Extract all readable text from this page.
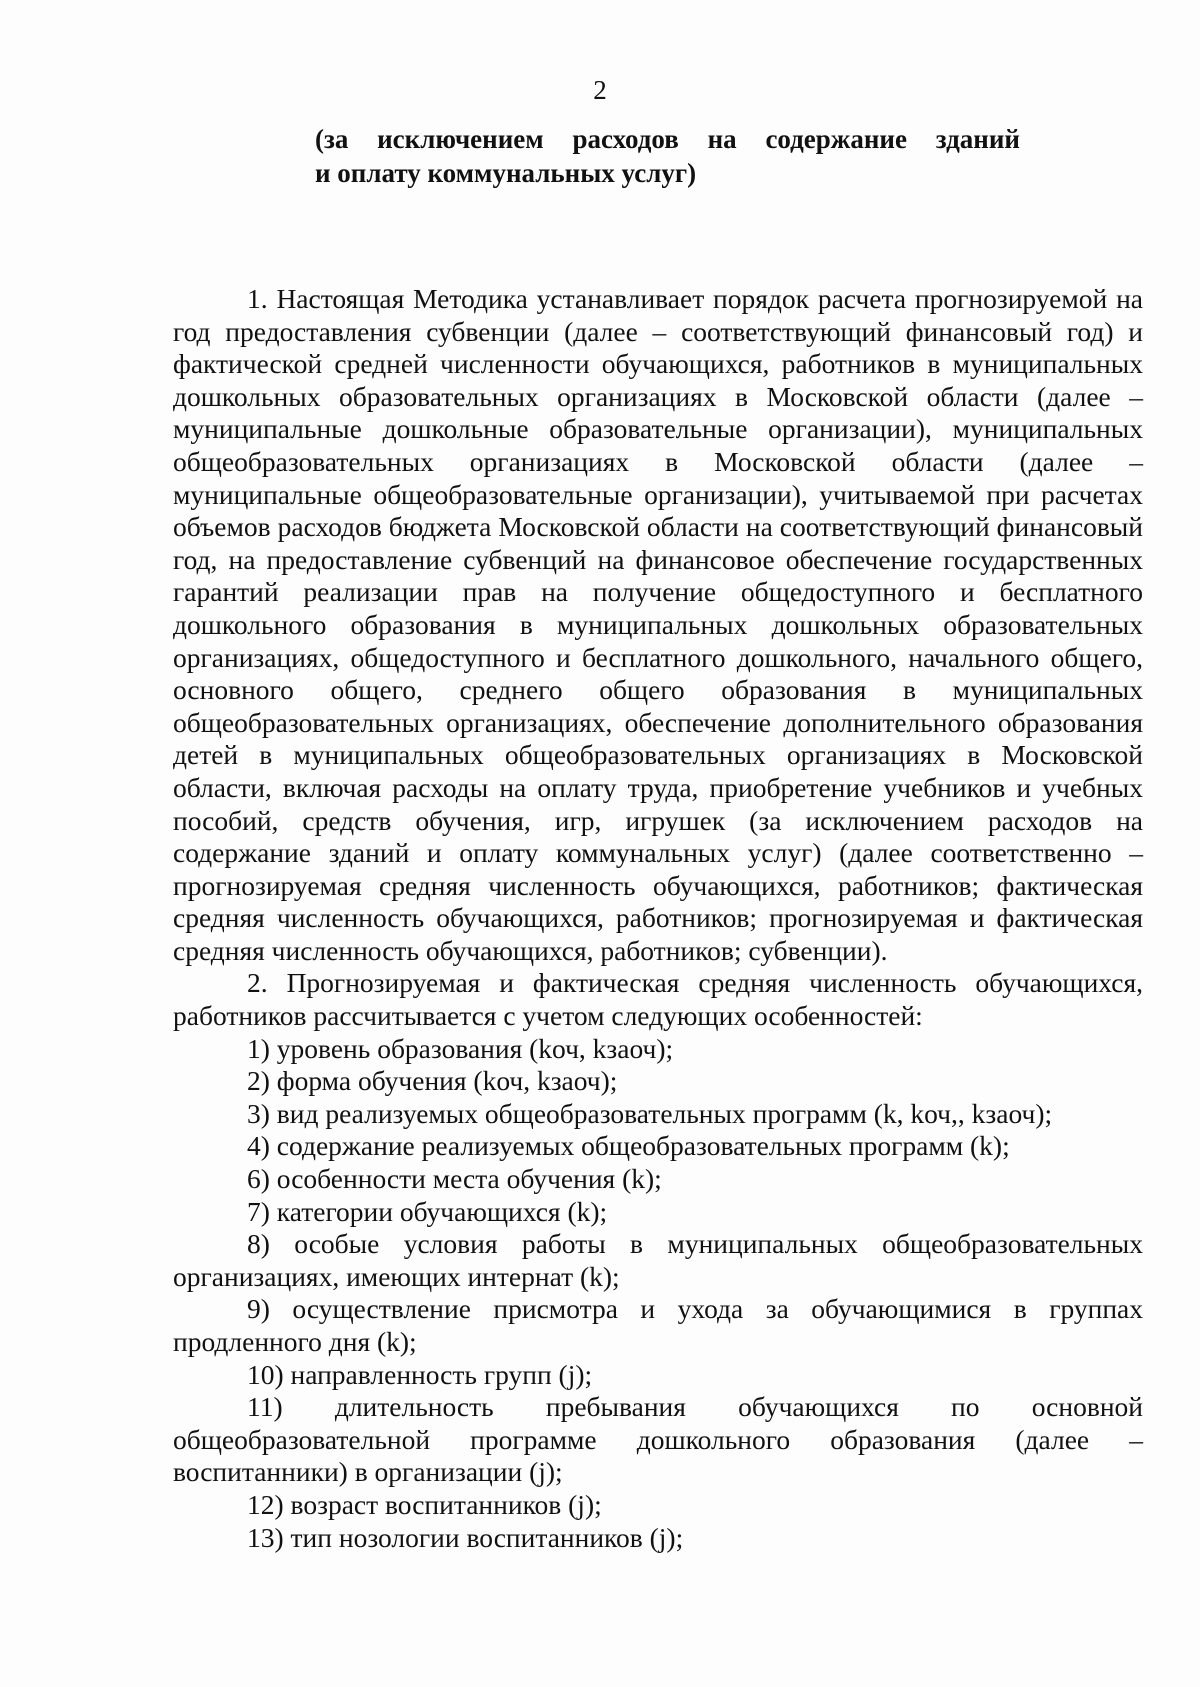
2
(за исключением расходов на содержание зданий
и оплату коммунальных услуг)

1. Настоящая Методика устанавливает порядок расчета прогнозируемой на год предоставления субвенции (далее – соответствующий финансовый год) и фактической средней численности обучающихся, работников в муниципальных дошкольных образовательных организациях в Московской области (далее – муниципальные дошкольные образовательные организации), муниципальных общеобразовательных организациях в Московской области (далее – муниципальные общеобразовательные организации), учитываемой при расчетах объемов расходов бюджета Московской области на соответствующий финансовый год, на предоставление субвенций на финансовое обеспечение государственных гарантий реализации прав на получение общедоступного и бесплатного дошкольного образования в муниципальных дошкольных образовательных организациях, общедоступного и бесплатного дошкольного, начального общего, основного общего, среднего общего образования в муниципальных общеобразовательных организациях, обеспечение дополнительного образования детей в муниципальных общеобразовательных организациях в Московской области, включая расходы на оплату труда, приобретение учебников и учебных пособий, средств обучения, игр, игрушек (за исключением расходов на содержание зданий и оплату коммунальных услуг) (далее соответственно – прогнозируемая средняя численность обучающихся, работников; фактическая средняя численность обучающихся, работников; прогнозируемая и фактическая средняя численность обучающихся, работников; субвенции).

2. Прогнозируемая и фактическая средняя численность обучающихся, работников рассчитывается с учетом следующих особенностей:

1) уровень образования (kоч, kзаоч);

2) форма обучения (kоч, kзаоч);

3) вид реализуемых общеобразовательных программ (k, kоч,, kзаоч);

4) содержание реализуемых общеобразовательных программ (k);

6) особенности места обучения (k);

7) категории обучающихся (k);

8) особые условия работы в муниципальных общеобразовательных организациях, имеющих интернат (k);

9) осуществление присмотра и ухода за обучающимися в группах продленного дня (k);

10) направленность групп (j);

11) длительность пребывания обучающихся по основной общеобразовательной программе дошкольного образования (далее – воспитанники) в организации (j);

12) возраст воспитанников (j);

13) тип нозологии воспитанников (j);
